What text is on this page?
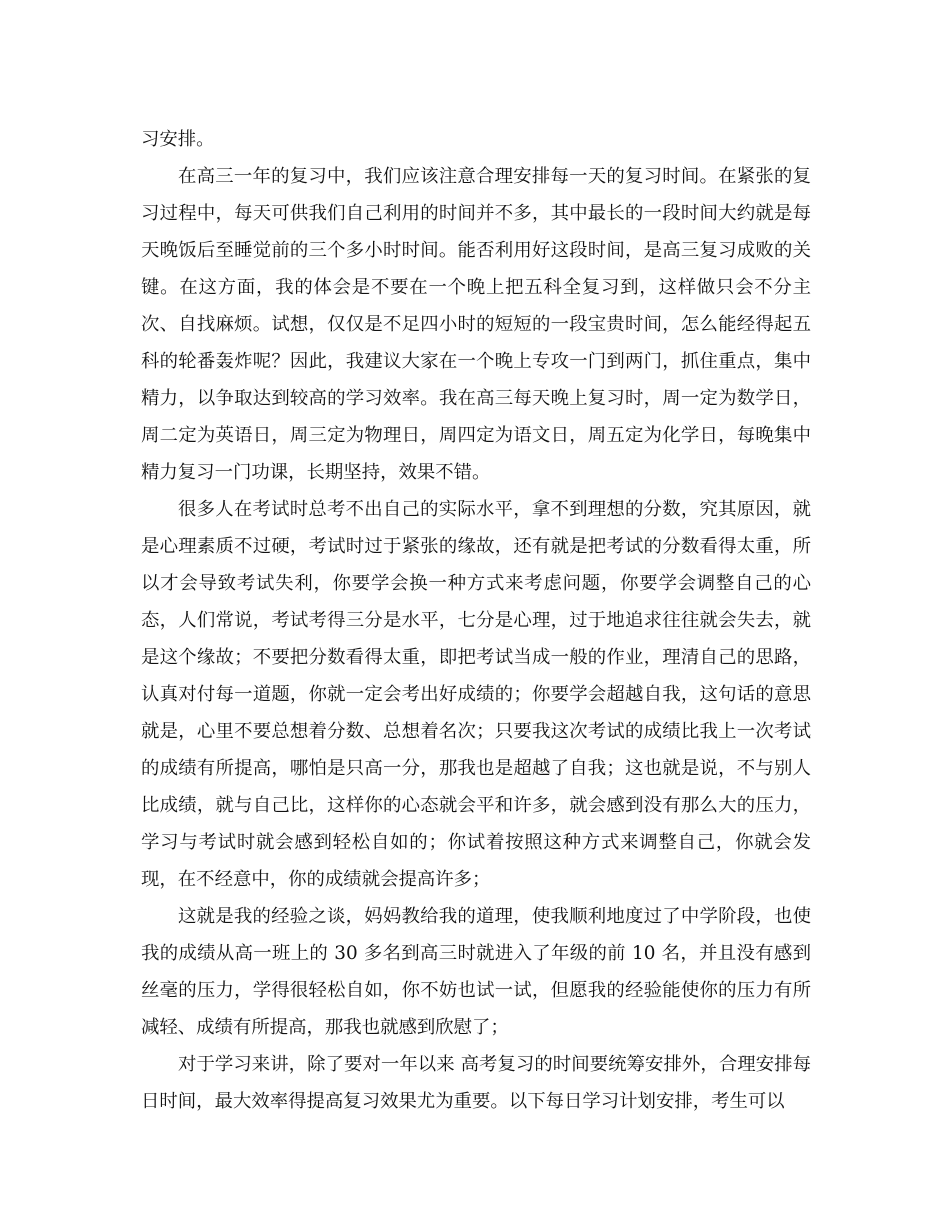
习安排。

在高三一年的复习中，我们应该注意合理安排每一天的复习时间。在紧张的复习过程中，每天可供我们自己利用的时间并不多，其中最长的一段时间大约就是每天晚饭后至睡觉前的三个多小时时间。能否利用好这段时间，是高三复习成败的关键。在这方面，我的体会是不要在一个晚上把五科全复习到，这样做只会不分主次、自找麻烦。试想，仅仅是不足四小时的短短的一段宝贵时间，怎么能经得起五科的轮番轰炸呢？因此，我建议大家在一个晚上专攻一门到两门，抓住重点，集中精力，以争取达到较高的学习效率。我在高三每天晚上复习时，周一定为数学日，周二定为英语日，周三定为物理日，周四定为语文日，周五定为化学日，每晚集中精力复习一门功课，长期坚持，效果不错。

很多人在考试时总考不出自己的实际水平，拿不到理想的分数，究其原因，就是心理素质不过硬，考试时过于紧张的缘故，还有就是把考试的分数看得太重，所以才会导致考试失利，你要学会换一种方式来考虑问题，你要学会调整自己的心态，人们常说，考试考得三分是水平，七分是心理，过于地追求往往就会失去，就是这个缘故；不要把分数看得太重，即把考试当成一般的作业，理清自己的思路，认真对付每一道题，你就一定会考出好成绩的；你要学会超越自我，这句话的意思就是，心里不要总想着分数、总想着名次；只要我这次考试的成绩比我上一次考试的成绩有所提高，哪怕是只高一分，那我也是超越了自我；这也就是说，不与别人比成绩，就与自己比，这样你的心态就会平和许多，就会感到没有那么大的压力，学习与考试时就会感到轻松自如的；你试着按照这种方式来调整自己，你就会发现，在不经意中，你的成绩就会提高许多；

这就是我的经验之谈，妈妈教给我的道理，使我顺利地度过了中学阶段，也使我的成绩从高一班上的 30 多名到高三时就进入了年级的前 10 名，并且没有感到丝毫的压力，学得很轻松自如，你不妨也试一试，但愿我的经验能使你的压力有所减轻、成绩有所提高，那我也就感到欣慰了；

对于学习来讲，除了要对一年以来 高考复习的时间要统筹安排外，合理安排每日时间，最大效率得提高复习效果尤为重要。以下每日学习计划安排，考生可以
